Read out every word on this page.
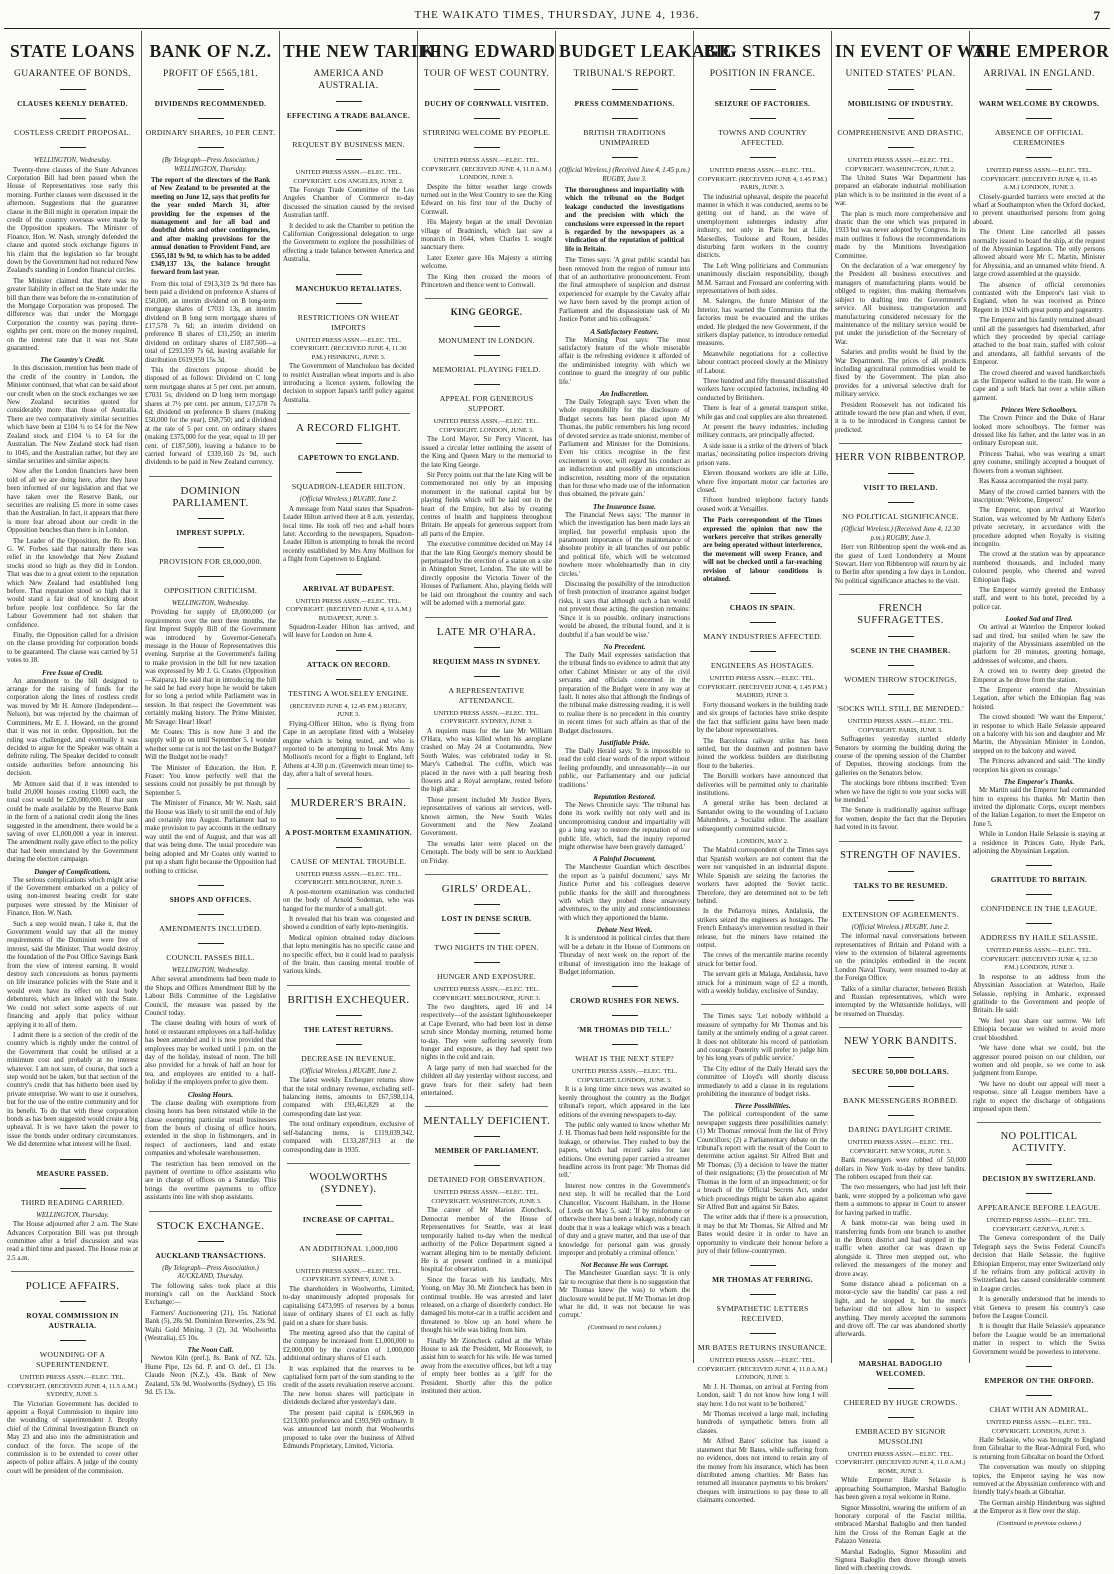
THE WAIKATO TIMES, THURSDAY, JUNE 4, 1936.	7
STATE LOANS
GUARANTEE OF BONDS.
CLAUSES KEENLY DEBATED.
COSTLESS CREDIT PROPOSAL.
WELLINGTON, Wednesday.

Twenty-three clauses of the State Advances Corporation Bill had been passed when the House of Representatives rose early this morning. Further clauses were discussed in the afternoon. Suggestions that the guarantee clause in the Bill might in operation impair the credit of the country overseas were made by the Opposition speakers. The Minister of Finance, Hon. W. Nash, strongly defended the clause and quoted stock exchange figures in his claim that the legislation so far brought down by the Government had not reduced New Zealand's standing in London financial circles.

The Minister claimed that there was no greater liability in effect on the State under the bill than there was before the re-constitution of the Mortgage Corporation was proposed. The difference was that under the Mortgage Corporation the country was paying three-eighths per cent. more on the money required, on the interest rate that it was not State guaranteed.

The Country's Credit.

In this discussion, mention has been made of the credit of the country in London, the Minister continued, that what can be said about our credit when on the stock exchanges we see New Zealand securities quoted for considerably more than those of Australia. There are two comparatively similar securities which have been at £104 ¾ to £4 for the New Zealand stock and £104 ¼ to £4 for the Australian. The New Zealand stock had risen to 1045, and the Australian rather, but they are similar securities and similar aspects.

Now after the London financiers have been told of all we are doing here, after they have been informed of our legislation and that we have taken over the Reserve Bank, our securities are realising £5 more in some cases than the Australian. In fact, it appears that there is more fear abroad about our credit in the Opposition benches than there is in London.

The Leader of the Opposition, the Rt. Hon. G. W. Forbes said that naturally there was relief in the knowledge that New Zealand stocks stood so high as they did in London. That was due to a great extent to the reputation which New Zealand had established long before. That reputation stood so high that it would stand a fair deal of knocking about before people lost confidence. So far the Labour Government had not shaken that confidence.

Finally, the Opposition called for a division on the clause providing for corporation bonds to be guaranteed. The clause was carried by 51 votes to 18.

Free Issue of Credit.

An amendment to the bill designed to arrange for the raising of funds for the corporation along the lines of costless credit was moved by Mr H. Atmore (Independent—Nelson), but was rejected by the chairman of Committees, Mr E. J. Howard, on the ground that it was not in order. Opposition, but the ruling was challenged, and eventually it was decided to argue for the Speaker was obtain a definite ruling. The Speaker decided to consult outside authorities before announcing his decision.

Mr Atmore said that if it was intended to build 20,000 houses costing £1000 each, the total cost would be £20,000,000. If that sum could be made available by the Reserve Bank in the form of a national credit along the lines suggested in the amendment, there would be a saving of over £1,000,000 a year in interest. The amendment really gave effect to the policy that had been enunciated by the Government during the election campaign.

Danger of Complications.

The serious complications which might arise if the Government embarked on a policy of using non-interest bearing credit for state purposes were stressed by the Minister of Finance, Hon. W. Nash.

Such a step would mean, I take it, that the Government would say that all the money requirements of the Dominion were free of interest, said the Minister. That would destroy the foundation of the Post Office Savings Bank from the view of interest earning. It would destroy such concessions as bonus payments on life insurance policies with the State and it would even have its effect on local body debentures, which are linked with the State. We could not select some aspects of our financing and apply that policy without applying it to all of them.

I admit there is a section of the credit of the country which is rightly under the control of the Government that could be utilised at a minimum cost and probably at no interest whatever. I am not sure, of course, that such a step would not be taken, but that section of the country's credit that has hitherto been used by private enterprise. We want to use it ourselves, but for the use of the entire community and for its benefit. To do that with these corporation bonds as has been suggested would create a big upheaval. It is we have taken the power to issue the bonds under ordinary circumstances. We did determine what interest will be fixed.

MEASURE PASSED.
THIRD READING CARRIED.
WELLINGTON, Thursday.

The House adjourned after 2 a.m. The State Advances Corporation Bill was put through committee after a brief discussion and was read a third time and passed. The House rose at 2.5 a.m.

POLICE AFFAIRS.
ROYAL COMMISSION IN AUSTRALIA.
WOUNDING OF A SUPERINTENDENT.
UNITED PRESS ASSN.—ELEC. TEL. COPYRIGHT. (RECEIVED JUNE 4, 11.5 A.M.) SYDNEY, JUNE 3.

The Victorian Government has decided to appoint a Royal Commission to inquire into the wounding of superintendent J. Brophy chief of the Criminal Investigation Branch on May 23 and also into the administration and conduct of the force. The scope of the commission is to be extended to cover other aspects of police affairs. A judge of the county court will be president of the commission.

BANK OF N.Z.
PROFIT OF £565,181.
DIVIDENDS RECOMMENDED.
ORDINARY SHARES, 10 PER CENT.
(By Telegraph—Press Association.) WELLINGTON, Thursday.

The report of the directors of the Bank of New Zealand to be presented at the meeting on June 12, says that profits for the year ended March 31, after providing for the expenses of the management and for all bad and doubtful debts and other contingencies, and after making provisions for the annual donation to Provident Fund, are £565,181 9s 9d, to which has to be added £349,137 13s, the balance brought forward from last year.

From this total of £913,319 2s 9d there has been paid a dividend on preference A shares of £50,000, an interim dividend on B long-term mortgage shares of £7031 13s, an interim dividend on B long term mortgage shares of £17,578 7s 6d; an interim dividend on preference B shares of £31,250; an interim dividend on ordinary shares of £187,500—a total of £293,359 7s 6d, leaving available for distribution £619,959 15s 3d.

This the directors propose should be disposed of as follows: Dividend on C long term mortgage shares at 5 per cent. per annum, £7031 5s; dividend on D long term mortgage shares at 7½ per cent. per annum, £17,578 7s 6d; dividend on preference B shares (making £50,000 for the year), £68,750; and a dividend at the rate of 5 per cent. on ordinary shares (making £375,000 for the year, equal to 10 per cent. of £187,500), leaving a balance to be carried forward of £339,160 2s 9d, such dividends to be paid in New Zealand currency.

DOMINION PARLIAMENT.
IMPREST SUPPLY.
PROVISION FOR £8,000,000.
OPPOSITION CRITICISM.
WELLINGTON, Wednesday.

Providing for supply of £8,000,000 (or requirements over the next three months, the first Imprest Supply Bill of the Government was introduced by Governor-General's message in the House of Representatives this evening. Surprise at the Government's failing to make provision in the bill for new taxation was expressed by Mr J. G. Coates (Opposition—Kaipara). He said that in introducing the bill he said he had every hope he would be taken for so long a period while Parliament was in session. In that respect the Government was certainly making history. The Prime Minister, Mr Savage: Hear! Hear!

Mr Coates: This is now June 3 and the supply will go on until September 5. I wonder whether some cut is not the last on the Budget? Will the Budget not be ready?

The Minister of Education, the Hon. P. Fraser: You know perfectly well that the sessions could not possibly be put through by September 5.

The Minister of Finance, Mr W. Nash, said the House was likely to sit until the end of July and certainly into August. Parliament had to make provision to pay accounts in the ordinary way until the end of August, and that was all that was being done. The usual procedure was being adopted and Mr Coates only wanted to put up a sham fight because the Opposition had nothing to criticise.

SHOPS AND OFFICES.
AMENDMENTS INCLUDED.
COUNCIL PASSES BILL.
WELLINGTON, Wednesday.

After several amendments had been made to the Shops and Offices Amendment Bill by the Labour Bills Committee of the Legislative Council, the measure was passed by the Council today.

The clause dealing with hours of work of hotel or restaurant employees on a half-holiday has been amended and it is now provided that employees may be worked until 1 p.m. on the day of the holiday, instead of noon. The bill also provided for a break of half an hour for tea, and employees are entitled to a half-holiday if the employers prefer to give them.

Closing Hours.

The clause dealing with exemptions from closing hours has been reinstated while in the clause exempting particular retail businesses from the hours of closing of office hours, extended in the shop in fishmongers, and in respect of auctioneers, land and estate companies and wholesale warehousemen.

The restriction has been removed on the payment of overtime to office assistants who are in charge of offices on a Saturday. This brings the overtime payments to office assistants into line with shop assistants.

STOCK EXCHANGE.
AUCKLAND TRANSACTIONS.
(By Telegraph—Press Association.) AUCKLAND, Thursday.

The following sales took place at this morning's call on the Auckland Stock Exchange:—

Farmers' Auctioneering (21), 15s. National Bank (5), 28s 9d. Dominion Breweries, 23s 9d. Waihi Gold Mining, 3 (2), 3d. Woolworths (Westralia), £5 10s.

The Noon Call.

Newton Kiln (pref.), 8s. Bank of NZ. 52s. Hume Pipe, 12s 6d. P. and O. def., £1 13s. Claude Neon (N.Z.), 43s. Bank of New Zealand, 53s 9d. Woolworths (Sydney), £5 16s 9d. £5 13s.

THE NEW TARIFF
AMERICA AND AUSTRALIA.
EFFECTING A TRADE BALANCE.
REQUEST BY BUSINESS MEN.
UNITED PRESS ASSN.—ELEC. TEL. COPYRIGHT. LOS ANGELES, JUNE 2.

The Foreign Trade Committee of the Los Angeles Chamber of Commerce to-day discussed the situation caused by the revised Australian tariff.

It decided to ask the Chamber to petition the Californian Congressional delegation to urge the Government to explore the possibilities of effecting a trade balance between America and Australia.

MANCHUKUO RETALIATES.
RESTRICTIONS ON WHEAT IMPORTS
UNITED PRESS ASSN.—ELEC. TEL. COPYRIGHT. (RECEIVED JUNE 4, 11.30 P.M.) HSINKING, JUNE 3.

The Government of Manchukuo has decided to restrict Australian wheat imports and is also introducing a licence system, following the decision to support Japan's tariff policy against Australia.

A RECORD FLIGHT.
CAPETOWN TO ENGLAND.
SQUADRON-LEADER HILTON.
(Official Wireless.) RUGBY, June 2.

A message from Natal states that Squadron-Leader Hilton arrived there at 8 a.m. yesterday, local time. He took off two and a-half hours later. According to the newspapers, Squadron-Leader Hilton is attempting to break the record recently established by Mrs Amy Mollison for a flight from Capetown to England.

ARRIVAL AT BUDAPEST.
UNITED PRESS ASSN.—ELEC. TEL. COPYRIGHT. (RECEIVED JUNE 4, 11 A.M.) BUDAPEST, JUNE 3.

Squadron-Leader Hilton has arrived, and will leave for London on June 4.

ATTACK ON RECORD.
TESTING A WOLSELEY ENGINE.
(RECEIVED JUNE 4, 12.45 P.M.) RUGBY, JUNE 3.

Flying-Officer Hilton, who is flying from Cape in an aeroplane fitted with a Wolseley engine which is being tested, and who is reported to be attempting to break Mrs Amy Mollison's record for a flight to England, left Athens at 4.30 p.m. (Greenwich mean time) to-day, after a halt of several hours.

MURDERER'S BRAIN.
A POST-MORTEM EXAMINATION.
CAUSE OF MENTAL TROUBLE.
UNITED PRESS ASSN.—ELEC. TEL. COPYRIGHT. MELBOURNE, JUNE 3.

A post-mortem examination was conducted on the body of Arnold Sodeman, who was hanged for the murder of a small girl.

It revealed that his brain was congested and showed a condition of early lepto-meningitis.

Medical opinion obtained today discloses that lepto meningitis has no specific cause and no specific effect, but it could lead to paralysis of the brain, thus causing mental trouble of various kinds.

BRITISH EXCHEQUER.
THE LATEST RETURNS.
DECREASE IN REVENUE.
(Official Wireless.) RUGBY, June 2.

The latest weekly Exchequer returns show that the total ordinary revenue, excluding self-balancing items, amounts to £67,598,114, compared with £93,461,829 at the corresponding date last year.

The total ordinary expenditure, exclusive of self-balancing items, is £119,039,342, compared with £133,287,913 at the corresponding date in 1935.

WOOLWORTHS (SYDNEY).
INCREASE OF CAPITAL.
AN ADDITIONAL 1,000,000 SHARES.
UNITED PRESS ASSN.—ELEC. TEL. COPYRIGHT. SYDNEY, JUNE 3.

The shareholders in Woolworths, Limited, to-day unanimously adopted proposals for capitalising £473,995 of reserves by a bonus issue of ordinary shares of £1 each as fully paid on a share for share basis.

The meeting agreed also that the capital of the company be increased from £1,000,000 to £2,000,000 by the creation of 1,000,000 additional ordinary shares of £1 each.

It was explained that the reserves to be capitalised form part of the sum standing to the credit of the assets revaluation reserve account. The new bonus shares will participate in dividends declared after yesterday's date.

The present paid capital is £606,969 in £213,000 preference and £393,969 ordinary. It was announced last month that Woolworths proposed to take over the business of Alfred Edmunds Proprietary, Limited, Victoria.

KING EDWARD
TOUR OF WEST COUNTRY.
DUCHY OF CORNWALL VISITED.
STIRRING WELCOME BY PEOPLE.
UNITED PRESS ASSN.—ELEC. TEL. COPYRIGHT. (RECEIVED JUNE 4, 11.0 A.M.) LONDON, JUNE 3.

Despite the bitter weather large crowds turned out in the West Country to see the King Edward on his first tour of the Duchy of Cornwall.

His Majesty began at the small Devonian village of Bradninch, which last saw a monarch in 1644, when Charles I. sought sanctuary there.

Later Exeter gave His Majesty a stirring welcome.

The King then crossed the moors of Princetown and thence went to Cornwall.

KING GEORGE.
MONUMENT IN LONDON.
MEMORIAL PLAYING FIELD.
APPEAL FOR GENEROUS SUPPORT.
UNITED PRESS ASSN.—ELEC. TEL. COPYRIGHT. LONDON, JUNE 3.

The Lord Mayor, Sir Percy Vincent, has issued a circular letter outlining the assent of the King and Queen Mary to the memorial to the late King George.

Sir Percy points out that the late King will be commemorated not only by an imposing monument in the national capital but by playing fields which will be laid out in the heart of the Empire, but also by creating centres of health and happiness throughout Britain. He appeals for generous support from all parts of the Empire.

The executive committee decided on May 14 that the late King George's memory should be perpetuated by the erection of a statue on a site in Abingdon Street, London. The site will be directly opposite the Victoria Tower of the Houses of Parliament. Also, playing fields will be laid out throughout the country and each will be adorned with a memorial gate.

LATE MR O'HARA.
REQUIEM MASS IN SYDNEY.
A REPRESENTATIVE ATTENDANCE.
UNITED PRESS ASSN.—ELEC. TEL. COPYRIGHT. SYDNEY, JUNE 3.

A requiem mass for the late Mr William O'Hara, who was killed when his aeroplane crashed on May 24 at Cootamundra, New South Wales, was celebrated today in St. Mary's Cathedral. The coffin, which was placed in the nave with a pall bearing fresh flowers and a Royal aeroplane, rested before the high altar.

Those present included Mr Justice Byers, representatives of various air services, well-known airmen, the New South Wales Government and the New Zealand Government.

The wreaths later were placed on the Cenotaph. The body will be sent to Auckland on Friday.

GIRLS' ORDEAL.
LOST IN DENSE SCRUB.
TWO NIGHTS IN THE OPEN.
HUNGER AND EXPOSURE.
UNITED PRESS ASSN.—ELEC. TEL. COPYRIGHT. MELBOURNE, JUNE 3.

The two daughters, aged 16 and 14 respectively—of the assistant lighthousekeeper at Cape Everard, who had been lost in dense scrub since Monday morning, returned home to-day. They were suffering severely from hunger and exposure, as they had spent two nights in the cold and rain.

A large party of men had searched for the children all day yesterday without success, and grave fears for their safety had been entertained.

MENTALLY DEFICIENT.
MEMBER OF PARLIAMENT.
DETAINED FOR OBSERVATION.
UNITED PRESS ASSN.—ELEC. TEL. COPYRIGHT. WASHINGTON, JUNE 3.

The career of Mr Marion Zioncheck, Democrat member of the House of Representatives for Seattle, was at least temporarily halted to-day when the medical authority of the Police Department signed a warrant alleging him to be mentally deficient. He is at present confined in a municipal hospital for observation.

Since the fracas with his landlady, Mrs Young, on May 30, Mr Zioncheck has been in continual trouble. He was arrested and later released, on a charge of disorderly conduct. He damaged his motor-car in a traffic accident and threatened to blow up an hotel where he thought his wife was hiding from him.

Finally Mr Zioncheck called at the White House to ask the President, Mr Roosevelt, to assist him to search for his wife. He was turned away from the executive offices, but left a tray of empty beer bottles as a 'gift' for the President. Shortly after this the police instituted their action.

BUDGET LEAKAGE
TRIBUNAL'S REPORT.
PRESS COMMENDATIONS.
BRITISH TRADITIONS UNIMPAIRED
(Official Wireless.) (Received June 4, 1.45 p.m.) RUGBY, June 3.

The thoroughness and impartiality with which the tribunal on the Budget leakage conducted the investigations and the precision with which the conclusions were expressed in the report is regarded by the newspapers as a vindication of the reputation of political life in Britain.

The Times says: 'A great public scandal has been removed from the region of rumour into that of an authoritative pronouncement. From the final atmosphere of suspicion and distrust experienced for example by the Cavalry affair we have been saved by the prompt action of Parliament and the dispassionate task of Mr Justice Porter and his colleagues.'

A Satisfactory Feature.

The Morning Post says: 'The most satisfactory feature of the whole miserable affair is the refreshing evidence it afforded of the undiminished integrity with which we continue to guard the integrity of our public life.'

An Indiscretion.

The Daily Telegraph says: 'Even when the whole responsibility for the disclosure of Budget secrets has been placed upon Mr Thomas, the public remembers his long record of devoted service as trade unionist, member of Parliament and Minister for the Dominions. Even his critics recognise in the first excitement is over, will regard his conduct as an indiscretion and possibly an unconscious indiscretion, resulting more of the reputation than for those who made use of the information thus obtained, the private gain.'

The Insurance Issue.

The Financial News says: 'The manner in which the investigation has been made lays an implied, but powerful emphasis upon the paramount importance of the maintenance of absolute probity in all branches of our public and political life, which will be welcomed nowhere more wholeheartedly than in city circles.'

Discussing the possibility of the introduction of fresh protection of insurance against budget risks, it says that although such a ban would not prevent those acting, the question remains: 'Since it is so possible, ordinary instructions would be abused, the tribunal found, and it is doubtful if a ban would be wise.'

No Precedent.

The Daily Mail expresses satisfaction that the tribunal finds no evidence to admit that any other Cabinet Minister or any of the civil servants and officials concerned in the preparation of the Budget were in any way at fault. It notes also that although the findings of the tribunal make distressing reading, it is well to realise there is no precedent in this country in recent times for such affairs as that of the Budget disclosures.

Justifiable Pride.

The Daily Herald says: 'It is impossible to read the cold clear words of the report without feeling profoundly, and unreasonably—in our public, our Parliamentary and our judicial traditions.'

Reputation Restored.

The News Chronicle says: 'The tribunal has done its work swiftly not only well and its uncompromising candour and impartiality will go a long way to restore the reputation of our public life, which, had the inquiry reported might otherwise have been gravely damaged.'

A Painful Document.

The Manchester Guardian which describes the report as 'a painful document,' says Mr Justice Porter and his colleagues deserve public thanks for the skill and thoroughness with which they probed these unsavoury adventures, to the unity and conscientiousness with which they apportioned the blame.

Debate Next Week.

It is understood in political circles that there will be a debate in the House of Commons on Thursday of next week on the report of the tribunal of investigation into the leakage of Budget information.

CROWD RUSHES FOR NEWS.
'MR THOMAS DID TELL.'
WHAT IS THE NEXT STEP?
UNITED PRESS ASSN.—ELEC. TEL. COPYRIGHT. LONDON, JUNE 3.

It is a long time since news was awaited so keenly throughout the country as the Budget tribunal's report, which appeared in the late editions of the evening newspapers to-day.

The public only wanted to know whether Mr J. H. Thomas had been held responsible for the leakage, or otherwise. They rushed to buy the papers, which had record sales for late editions. One evening paper carried a streamer headline across its front page: 'Mr Thomas did tell.'

Interest now centres in the Government's next step. It will be recalled that the Lord Chancellor, Viscount Hailsham, in the House of Lords on May 5, said: 'If by misfortune or otherwise there has been a leakage, nobody can doubt that it was a leakage which was a breach of duty and a grave matter, and that use of that knowledge for personal gain was grossly improper and probably a criminal offence.'

Not Because He was Corrupt.

The Manchester Guardian says: 'It is only fair to recognise that there is no suggestion that Mr Thomas knew (he was) to whom the disclosure would be put. If Mr Thomas let drop what he did, it was not because he was corrupt.'

(Continued in next column.)
BIG STRIKES
POSITION IN FRANCE.
SEIZURE OF FACTORIES.
TOWNS AND COUNTRY AFFECTED.
UNITED PRESS ASSN.—ELEC. TEL. COPYRIGHT. (RECEIVED JUNE 4, 1.45 P.M.) PARIS, JUNE 3.

The industrial upheaval, despite the peaceful manner in which it was conducted, seems to be getting out of hand, as the wave of unemployment submerges industry after industry, not only in Paris but at Lille, Marseilles, Toulouse and Rouen, besides disturbing farm workers in the country districts.

The Left Wing politicians and Communists unanimously disclaim responsibility, though M.M. Sarraut and Frossard are conferring with representatives of both sides.

M. Salengro, the future Minister of the Interior, has warned the Communists that the factories must be evacuated and the strikes ended. He pledged the new Government, if the strikers display patience, to introduce remedial measures.

Meanwhile negotiations for a collective labour contract proceed slowly at the Ministry of Labour.

Three hundred and fifty thousand dissatisfied workers have occupied factories, including 40 conducted by Britishers.

There is fear of a general transport strike, while gas and coal supplies are also threatened.

At present the heavy industries, including military contracts, are principally affected.

A side issue is a strike of the drivers of 'black marias,' necessitating police inspectors driving prison vans.

Eleven thousand workers are idle at Lille, where five important motor car factories are closed.

Fifteen hundred telephone factory hands ceased work at Versailles.

The Paris correspondent of the Times expressed the opinion that now the workers perceive that strikes generally are being operated without interference, the movement will sweep France, and will not be checked until a far-reaching revision of labour conditions is obtained.

CHAOS IN SPAIN.
MANY INDUSTRIES AFFECTED.
ENGINEERS AS HOSTAGES.
UNITED PRESS ASSN.—ELEC. TEL. COPYRIGHT. (RECEIVED JUNE 4, 1.45 P.M.) MADRID, JUNE 3.

Forty thousand workers in the building trade and six groups of factories have strike despite the fact that sufficient gains have been made by the labour representatives.

The Barcelona railway strike has been settled, but the dustmen and postmen have joined the workless builders are distributing flour to the bakeries.

The Borsilli workers have announced that deliveries will be permitted only to charitable institutions.

A general strike has been declared at Santander owing to the wounding of Luciano Malumbres, a Socialist editor. The assailant subsequently committed suicide.

LONDON, MAY 2.

The Madrid correspondent of the Times says that Spanish workers are not content that the were not vanquished in an industrial dispute. While Spanish are seizing the factories the workers have adopted the Soviet tactic. Therefore, they are determined not to be left behind.

In the Peñarroya mines, Andalusia, the strikers seized the engineers as hostages. The French Embassy's intervention resulted in their release, but the miners have retained the output.

The crews of the mercantile marine recently struck for better food.

The servant girls at Malaga, Andalusia, have struck for a minimum wage of £2 a month, with a weekly holiday, exclusive of Sunday.

The Times says: 'Let nobody withhold a measure of sympathy for Mr Thomas and his family at the untimely ending of a great career. It does not obliterate his record of patriotism and courage. Posterity will prefer to judge him by his long years of public service.'

The City editor of the Daily Herald says the committee of Lloyd's will shortly discuss immediately to add a clause in its regulations prohibiting the insurance of budget risks.

Three Possibilities.

The political correspondent of the same newspaper suggests three possibilities namely: (1) Mr Thomas' removal from the list of Privy Councillors; (2) a Parliamentary debate on the tribunal's report with the result of the Court to determine action against Sir Alfred Butt and Mr Thomas; (3) a decision to leave the matter of their resignations; (3) the prosecution of Mr Thomas in the form of an impeachment; or for a breach of the Official Secrets Act, under which proceedings might be taken also against Sir Alfred Butt and against Sir Bates.

The writer adds that if there is a prosecution, it may be that Mr Thomas, Sir Alfred and Mr Bates would desire it in order to have an opportunity to vindicate their honour before a jury of their fellow-countrymen.

MR THOMAS AT FERRING.
SYMPATHETIC LETTERS RECEIVED.
MR BATES RETURNS INSURANCE.
UNITED PRESS ASSN.—ELEC. TEL. COPYRIGHT. (RECEIVED JUNE 4, 11.0 A.M.) LONDON, JUNE 3.

Mr J. H. Thomas, on arrival at Ferring from London, said: 'I do not know how long I will stay here. I do not want to be bothered.'

Mr Thomas received a large mail, including hundreds of sympathetic letters from all classes.

Mr Alfred Bates' solicitor has issued a statement that Mr Bates, while suffering from no evidence, does not intend to retain any of the money from his insurance, which has been distributed among charities. Mr Bates has returned all insurance payments to his brokers' cheques with instructions to pay these to all claimants concerned.

IN EVENT OF WAR
UNITED STATES' PLAN.
MOBILISING OF INDUSTRY.
COMPREHENSIVE AND DRASTIC.
UNITED PRESS ASSN.—ELEC. TEL. COPYRIGHT. WASHINGTON, JUNE 2.

The United States War Department has prepared an elaborate industrial mobilisation plan which is to be instituted in the event of a war.

The plan is much more comprehensive and drastic than the one which was prepared in 1933 but was never adopted by Congress. In its main outlines it follows the recommendations made by the Munitions Investigation Committee.

On the declaration of a 'war emergency' by the President all business executives and managers of manufacturing plants would be obliged to register, thus making themselves subject to drafting into the Government's service. All business, transportation and manufacturing considered necessary for the maintenance of the military service would be put under the jurisdiction of the Secretary of War.

Salaries and profits would be fixed by the War Department. The prices of all products including agricultural commodities would be fixed by the Government. The plan also provides for a universal selective draft for military service.

President Roosevelt has not indicated his attitude toward the new plan and when, if ever, it is to be introduced in Congress cannot be predicted.

HERR VON RIBBENTROP.
VISIT TO IRELAND.
NO POLITICAL SIGNIFICANCE.
(Official Wireless.) (Received June 4, 12.30 p.m.) RUGBY, June 3.

Herr von Ribbentrop spent the week-end as the guest of Lord Londonderry at Mount Stewart. Herr von Ribbentrop will return by air to Berlin after spending a few days in London. No political significance attaches to the visit.

FRENCH SUFFRAGETTES.
SCENE IN THE CHAMBER.
WOMEN THROW STOCKINGS.
'SOCKS WILL STILL BE MENDED.'
UNITED PRESS ASSN.—ELEC. TEL. COPYRIGHT. PARIS, JUNE 3.

Suffragettes yesterday startled elderly Senators by storming the building during the course of the opening session of the Chamber of Deputies, throwing stockings from the galleries on the Senators below.

The stockings bore ribbons inscribed: 'Even when we have the right to vote your socks will be mended.'

The Senate is traditionally against suffrage for women, despite the fact that the Deputies had voted in its favour.

STRENGTH OF NAVIES.
TALKS TO BE RESUMED.
EXTENSION OF AGREEMENTS.
(Official Wireless.) RUGBY, June 2.

The informal naval conversations between representatives of Britain and Poland with a view to the extension of bilateral agreements on the principles embodied in the recent London Naval Treaty, were resumed to-day at the Foreign Office.

Talks of a similar character, between British and Russian representatives, which were interrupted by the Whitsuntide holidays, will be resumed on Thursday.

NEW YORK BANDITS.
SECURE 50,000 DOLLARS.
BANK MESSENGERS ROBBED.
DARING DAYLIGHT CRIME.
UNITED PRESS ASSN.—ELEC. TEL. COPYRIGHT. NEW YORK, JUNE 3.

Bank messengers were robbed of 50,000 dollars in New York to-day by three bandits. The robbers escaped from their car.

The two messengers, who had just left their bank, were stopped by a policeman who gave them a summons to appear in Court to answer for having parked in traffic.

A bank motor-car was being used in transferring funds from one branch to another in the Bronx district and had stopped in the traffic when another car was drawn up alongside it. Three men stepped out, who relieved the messengers of the money and drove away.

Some distance ahead a policeman on a motor-cycle saw the bandits' car pass a red light, and he stopped it, but the men's behaviour did not allow him to suspect anything. They merely accepted the summons and drove off. The car was abandoned shortly afterwards.

MARSHAL BADOGLIO WELCOMED.
CHEERED BY HUGE CROWDS.
EMBRACED BY SIGNOR MUSSOLINI
UNITED PRESS ASSN.—ELEC. TEL. COPYRIGHT. (RECEIVED JUNE 4, 11.0 A.M.) ROME, JUNE 3.

While Emperor Haile Selassie is approaching Southampton, Marshal Badoglio has been given a royal welcome in Rome.

Signor Mussolini, wearing the uniform of an honorary corporal of the Fascist militia, embraced Marshal Badoglio and then handed him the Cross of the Roman Eagle at the Palazzo Venezia.

Marshal Badoglio, Signor Mussolini and Signora Badoglio then drove through streets lined with cheering crowds.

THE EMPEROR
ARRIVAL IN ENGLAND.
WARM WELCOME BY CROWDS.
ABSENCE OF OFFICIAL CEREMONIES
UNITED PRESS ASSN.—ELEC. TEL. COPYRIGHT. (RECEIVED JUNE 4, 11.45 A.M.) LONDON, JUNE 3.

Closely-guarded barriers were erected at the wharf at Southampton when the Orford docked, to prevent unauthorised persons from going aboard.

The Orient Line cancelled all passes normally issued to board the ship, at the request of the Abyssinian Legation. The only persons allowed aboard were Mr C. Martin, Minister for Abyssinia, and an unnamed white friend. A large crowd assembled at the quayside.

The absence of official ceremonies contrasted with the Emperor's last visit to England, when he was received as Prince Regent in 1924 with great pomp and pageantry.

The Emperor and his family remained aboard until all the passengers had disembarked, after which they proceeded by special carriage attached to the boat train, staffed with colour and attendants, all faithful servants of the Emperor.

The crowd cheered and waved handkerchiefs as the Emperor walked to the train. He wore a cape and a soft black hat over a white silken garment.

Princes Were Schoolboys.

The Crown Prince and the Duke of Harar looked more schoolboys. The former was dressed like his father, and the latter was in an ordinary European suit.

Princess Tsahai, who was wearing a smart grey costume, smilingly accepted a bouquet of flowers from a woman sightseer.

Ras Kassa accompanied the royal party.

Many of the crowd carried banners with the inscription: 'Welcome, Emperor.'

The Emperor, upon arrival at Waterloo Station, was welcomed by Mr Anthony Eden's private secretary, in accordance with the procedure adopted when Royalty is visiting incognito.

The crowd at the station was by appearance numbered thousands, and included many coloured people, who cheered and waved Ethiopian flags.

The Emperor warmly greeted the Embassy staff, and went to his hotel, preceded by a police car.

Looked Sad and Tired.

On arrival at Waterloo the Emperor looked sad and tired, but smiled when he saw the majority of the Abyssinians assembled on the platform for 20 minutes, greeting homage, addresses of welcome, and cheers.

A crowd ten to twenty deep greeted the Emperor as he drove from the station.

The Emperor entered the Abyssinian Legation, after which the Ethiopian flag was hoisted.

The crowd shouted: 'We want the Emperor,' in response to which Haile Selassie appeared on a balcony with his son and daughter and Mr Martin, the Abyssinian Minister in London, stepped on to the balcony and waved.

The Princess advanced and said: 'The kindly reception his given us courage.'

The Emperor's Thanks.

Mr Martin said the Emperor had commanded him to express his thanks. Mr Martin then invited the diplomatic Corps, except members of the Italian Legation, to meet the Emperor on June 5.

While in London Haile Selassie is staying at a residence in Princes Gate, Hyde Park, adjoining the Abyssinian Legation.

GRATITUDE TO BRITAIN.
CONFIDENCE IN THE LEAGUE.
ADDRESS BY HAILE SELASSIE.
UNITED PRESS ASSN.—ELEC. TEL. COPYRIGHT. (RECEIVED JUNE 4, 12.30 P.M.) LONDON, JUNE 3.

In response to an address from the Abyssinian Association at Waterloo, Haile Selassie, replying in Amharic, expressed gratitude to the Government and people of Britain. He said:

'We feel you share our sorrow. We left Ethiopia because we wished to avoid more cruel bloodshed.

'We have done what we could, but the aggressor poured poison on our children, our women and old people, so we come to ask judgment from Europe.

'We have no doubt our appeal will meet a response, since all League members have a right to expect the discharge of obligations imposed upon them.'

NO POLITICAL ACTIVITY.
DECISION BY SWITZERLAND.
APPEARANCE BEFORE LEAGUE.
UNITED PRESS ASSN.—ELEC. TEL. COPYRIGHT. GENEVA, JUNE 3.

The Geneva correspondent of the Daily Telegraph says the Swiss Federal Council's decision that Haile Selassie, the fugitive Ethiopian Emperor, may enter Switzerland only if he refrains from any political activity in Switzerland, has caused considerable comment in League circles.

It is generally understood that he intends to visit Geneva to present his country's case before the League Council.

It is thought that Haile Selassie's appearance before the League would be an international matter in respect to which the Swiss Government would be powerless to intervene.

EMPEROR ON THE ORFORD.
CHAT WITH AN ADMIRAL.
UNITED PRESS ASSN.—ELEC. TEL. COPYRIGHT. LONDON, JUNE 3.

Haile Selassie, who was brought to England from Gibraltar to the Rear-Admiral Ford, who is returning from Gibraltar on board the Orford.

The conversation was mostly on shipping topics, the Emperor saying he was now removed at the Abyssinian conference with and friendly Italy's heads at Gibraltar.

The German airship Hindenburg was sighted at the Emperor as it flew over the ship.

(Continued in previous column.)
